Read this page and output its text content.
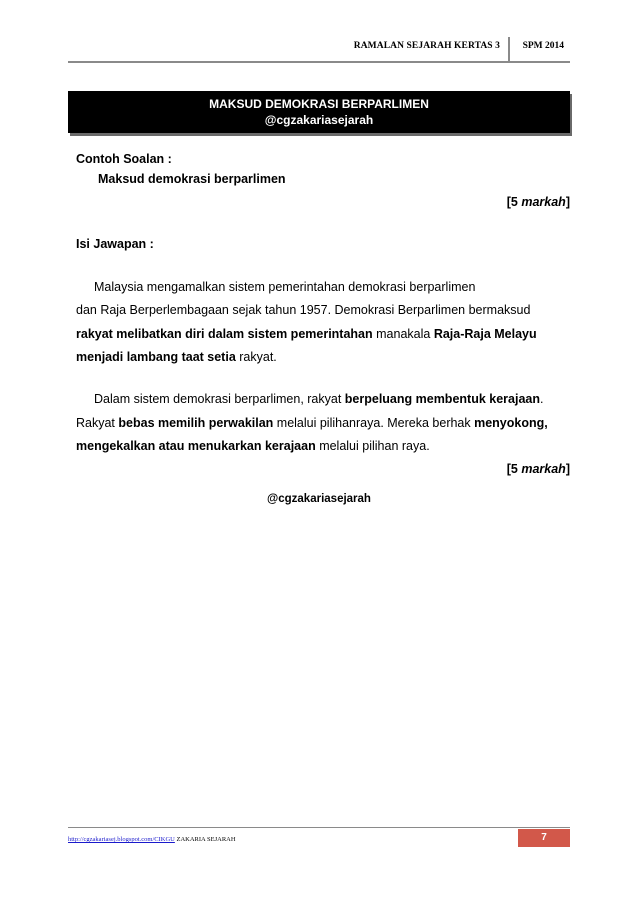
RAMALAN SEJARAH KERTAS 3 SPM 2014
MAKSUD DEMOKRASI BERPARLIMEN
@cgzakariasejarah
Contoh Soalan :
Maksud demokrasi berparlimen
[5 markah]
Isi Jawapan :
Malaysia mengamalkan sistem pemerintahan demokrasi berparlimen
dan Raja Berperlembagaan sejak tahun 1957. Demokrasi Berparlimen bermaksud
rakyat melibatkan diri dalam sistem pemerintahan manakala Raja-Raja Melayu
menjadi lambang taat setia rakyat.
Dalam sistem demokrasi berparlimen, rakyat berpeluang membentuk kerajaan.
Rakyat bebas memilih perwakilan melalui pilihanraya. Mereka berhak menyokong,
mengekalkan atau menukarkan kerajaan melalui pilihan raya.
[5 markah]
@cgzakariasejarah
http://cgzakariasej.blogspot.com/CIKGU ZAKARIA SEJARAH	7
